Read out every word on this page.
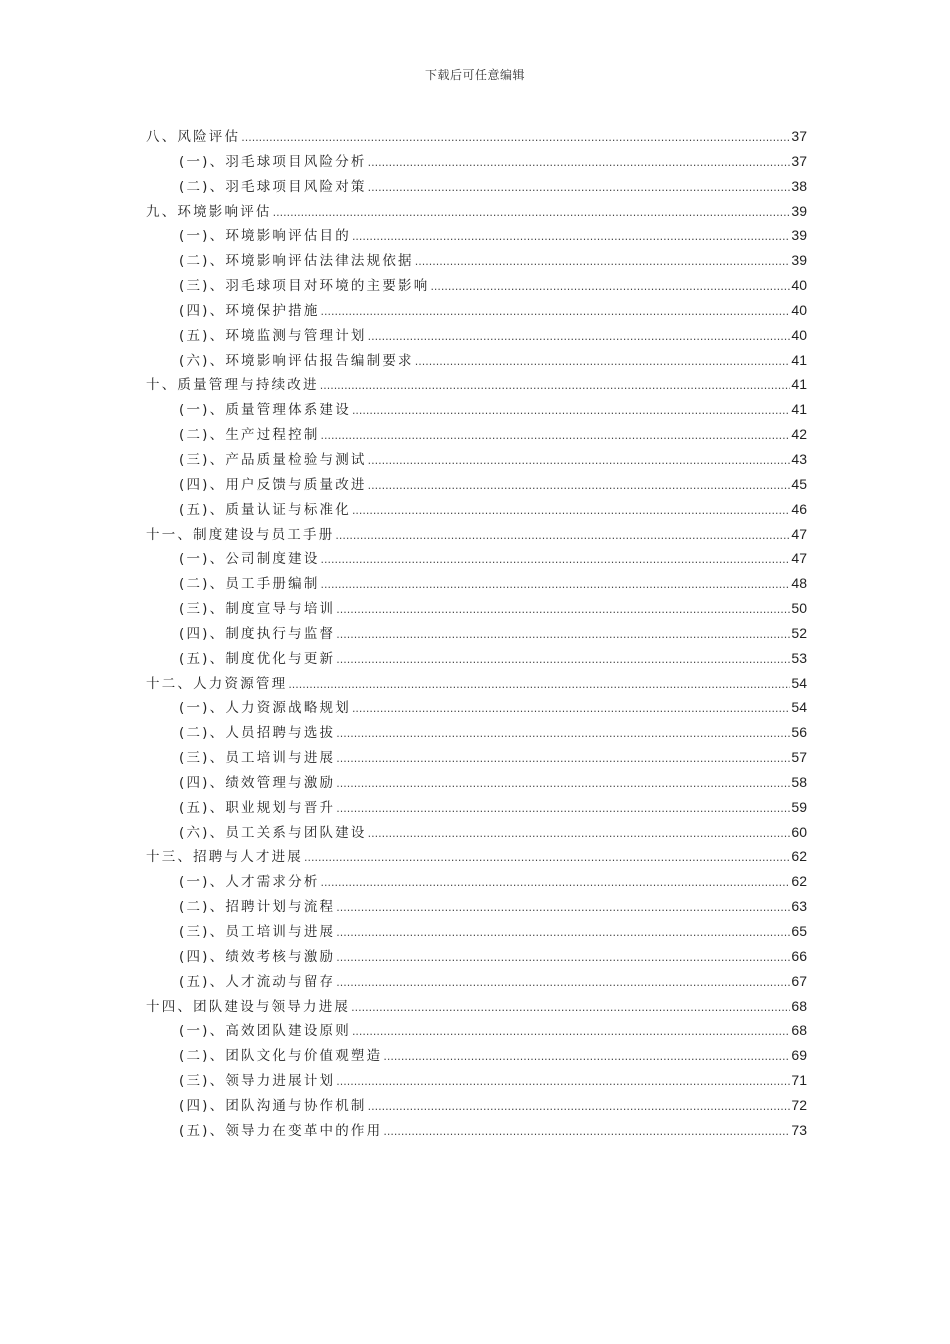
下载后可任意编辑
八、风险评估 .....	37
(一)、羽毛球项目风险分析 .....	37
(二)、羽毛球项目风险对策 .....	38
九、环境影响评估 .....	39
(一)、环境影响评估目的 .....	39
(二)、环境影响评估法律法规依据 .....	39
(三)、羽毛球项目对环境的主要影响 .....	40
(四)、环境保护措施 .....	40
(五)、环境监测与管理计划 .....	40
(六)、环境影响评估报告编制要求 .....	41
十、质量管理与持续改进 .....	41
(一)、质量管理体系建设 .....	41
(二)、生产过程控制 .....	42
(三)、产品质量检验与测试 .....	43
(四)、用户反馈与质量改进 .....	45
(五)、质量认证与标准化 .....	46
十一、制度建设与员工手册 .....	47
(一)、公司制度建设 .....	47
(二)、员工手册编制 .....	48
(三)、制度宣导与培训 .....	50
(四)、制度执行与监督 .....	52
(五)、制度优化与更新 .....	53
十二、人力资源管理 .....	54
(一)、人力资源战略规划 .....	54
(二)、人员招聘与选拔 .....	56
(三)、员工培训与进展 .....	57
(四)、绩效管理与激励 .....	58
(五)、职业规划与晋升 .....	59
(六)、员工关系与团队建设 .....	60
十三、招聘与人才进展 .....	62
(一)、人才需求分析 .....	62
(二)、招聘计划与流程 .....	63
(三)、员工培训与进展 .....	65
(四)、绩效考核与激励 .....	66
(五)、人才流动与留存 .....	67
十四、团队建设与领导力进展 .....	68
(一)、高效团队建设原则 .....	68
(二)、团队文化与价值观塑造 .....	69
(三)、领导力进展计划 .....	71
(四)、团队沟通与协作机制 .....	72
(五)、领导力在变革中的作用 .....	73
